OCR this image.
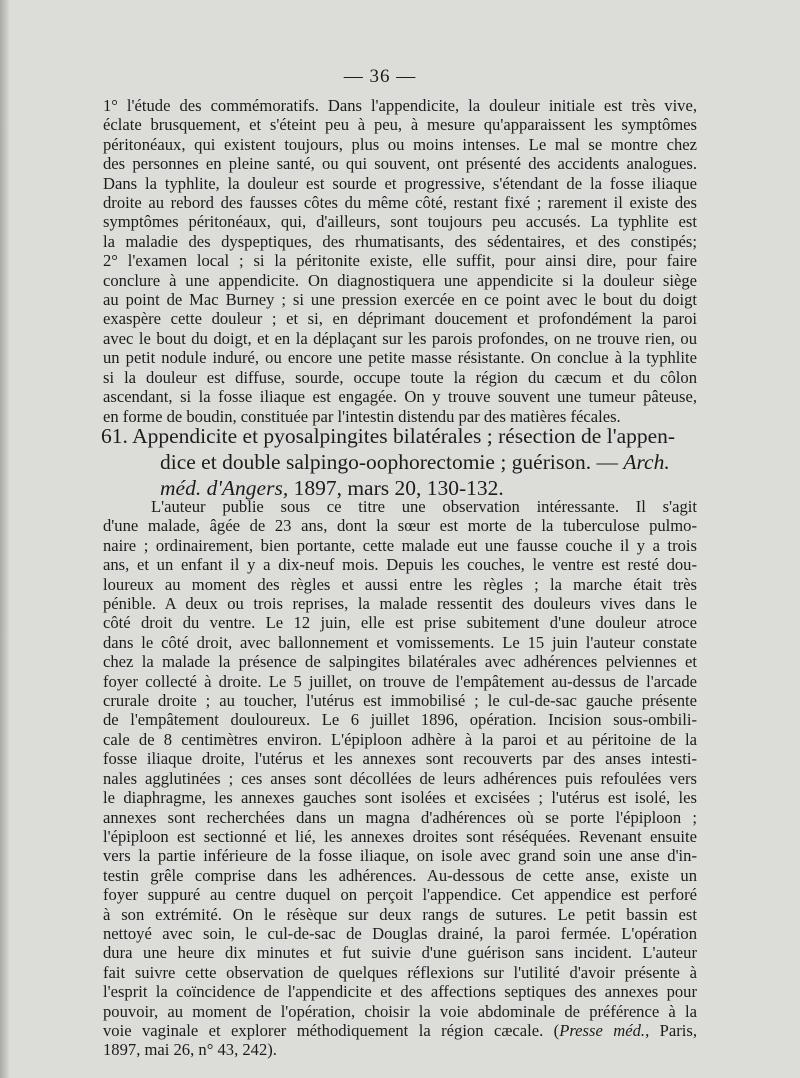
— 36 —
1° l'étude des commémoratifs. Dans l'appendicite, la douleur initiale est très vive,
éclate brusquement, et s'éteint peu à peu, à mesure qu'apparaissent les symptômes
péritonéaux, qui existent toujours, plus ou moins intenses. Le mal se montre chez
des personnes en pleine santé, ou qui souvent, ont présenté des accidents analogues.
Dans la typhlite, la douleur est sourde et progressive, s'étendant de la fosse iliaque
droite au rebord des fausses côtes du même côté, restant fixé ; rarement il existe des
symptômes péritonéaux, qui, d'ailleurs, sont toujours peu accusés. La typhlite est
la maladie des dyspeptiques, des rhumatisants, des sédentaires, et des constipés;
2° l'examen local ; si la péritonite existe, elle suffit, pour ainsi dire, pour faire
conclure à une appendicite. On diagnostiquera une appendicite si la douleur siège
au point de Mac Burney ; si une pression exercée en ce point avec le bout du doigt
exaspère cette douleur ; et si, en déprimant doucement et profondément la paroi
avec le bout du doigt, et en la déplaçant sur les parois profondes, on ne trouve rien, ou
un petit nodule induré, ou encore une petite masse résistante. On conclue à la typhlite
si la douleur est diffuse, sourde, occupe toute la région du cæcum et du côlon
ascendant, si la fosse iliaque est engagée. On y trouve souvent une tumeur pâteuse,
en forme de boudin, constituée par l'intestin distendu par des matières fécales.
61. Appendicite et pyosalpingites bilatérales ; résection de l'appen-
dice et double salpingo-oophorectomie ; guérison. — Arch.
méd. d'Angers, 1897, mars 20, 130-132.
L'auteur publie sous ce titre une observation intéressante. Il s'agit
d'une malade, âgée de 23 ans, dont la sœur est morte de la tuberculose pulmo-
naire ; ordinairement, bien portante, cette malade eut une fausse couche il y a trois
ans, et un enfant il y a dix-neuf mois. Depuis les couches, le ventre est resté dou-
loureux au moment des règles et aussi entre les règles ; la marche était très
pénible. A deux ou trois reprises, la malade ressentit des douleurs vives dans le
côté droit du ventre. Le 12 juin, elle est prise subitement d'une douleur atroce
dans le côté droit, avec ballonnement et vomissements. Le 15 juin l'auteur constate
chez la malade la présence de salpingites bilatérales avec adhérences pelviennes et
foyer collecté à droite. Le 5 juillet, on trouve de l'empâtement au-dessus de l'arcade
crurale droite ; au toucher, l'utérus est immobilisé ; le cul-de-sac gauche présente
de l'empâtement douloureux. Le 6 juillet 1896, opération. Incision sous-ombili-
cale de 8 centimètres environ. L'épiploon adhère à la paroi et au péritoine de la
fosse iliaque droite, l'utérus et les annexes sont recouverts par des anses intesti-
nales agglutinées ; ces anses sont décollées de leurs adhérences puis refoulées vers
le diaphragme, les annexes gauches sont isolées et excisées ; l'utérus est isolé, les
annexes sont recherchées dans un magna d'adhérences où se porte l'épiploon ;
l'épiploon est sectionné et lié, les annexes droites sont réséquées. Revenant ensuite
vers la partie inférieure de la fosse iliaque, on isole avec grand soin une anse d'in-
testin grêle comprise dans les adhérences. Au-dessous de cette anse, existe un
foyer suppuré au centre duquel on perçoit l'appendice. Cet appendice est perforé
à son extrémité. On le résèque sur deux rangs de sutures. Le petit bassin est
nettoyé avec soin, le cul-de-sac de Douglas drainé, la paroi fermée. L'opération
dura une heure dix minutes et fut suivie d'une guérison sans incident. L'auteur
fait suivre cette observation de quelques réflexions sur l'utilité d'avoir présente à
l'esprit la coïncidence de l'appendicite et des affections septiques des annexes pour
pouvoir, au moment de l'opération, choisir la voie abdominale de préférence à la
voie vaginale et explorer méthodiquement la région cæcale. (Presse méd., Paris,
1897, mai 26, n° 43, 242).
